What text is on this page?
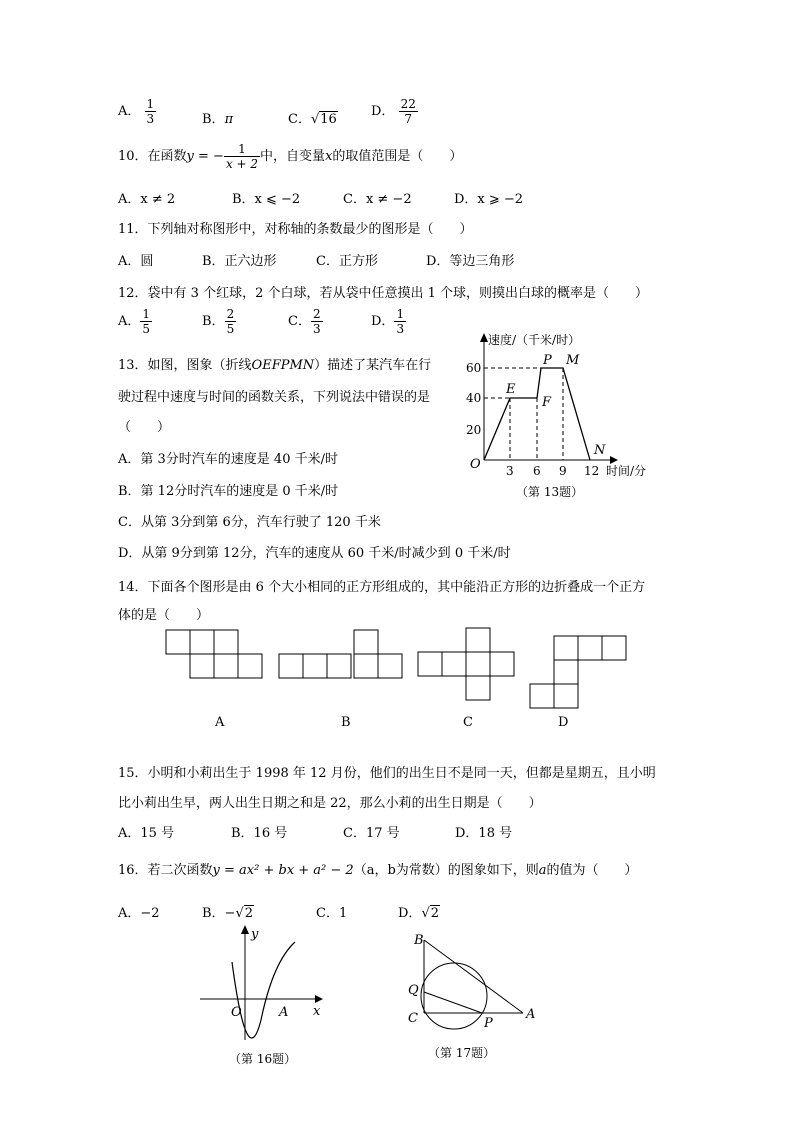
A． $\frac{1}{3}$	B．π	C．√16
D． $\frac{22}{7}$
10．在函数y = − $\frac{1}{x + 2}$ 中，自变量x的取值范围是（　　）
A．x ≠ 2	B．x ⩽ −2	C．x ≠ −2	D．x ⩾ −2
11．下列轴对称图形中，对称轴的条数最少的图形是（　　）
A．圆	B．正六边形	C．正方形	D．等边三角形
12．袋中有 3 个红球，2 个白球，若从袋中任意摸出 1 个球，则摸出白球的概率是（　　）
A． $\frac{1}{5}$	B． $\frac{2}{5}$	C． $\frac{2}{3}$	D． $\frac{1}{3}$
13．如图，图象（折线OEFPMN）描述了某汽车在行
驶过程中速度与时间的函数关系，下列说法中错误的是
（　　）
A．第 3分时汽车的速度是 40 千米/时
B．第 12分时汽车的速度是 0 千米/时
C．从第 3分到第 6分，汽车行驶了 120 千米
D．从第 9分到第 12分，汽车的速度从 60 千米/时减少到 0 千米/时
速度/（千米/时）
60
40
20
O 3 6 9 12 时间/分
E
F
P M
N
（第 13题）
14．下面各个图形是由 6 个大小相同的正方形组成的，其中能沿正方形的边折叠成一个正方
体的是（　　）
A	B	C	D
15．小明和小莉出生于 1998 年 12 月份，他们的出生日不是同一天，但都是星期五，且小明
比小莉出生早，两人出生日期之和是 22，那么小莉的出生日期是（　　）
A．15 号	B．16 号	C．17 号	D．18 号
16．若二次函数y = ax² + bx + a² − 2（a，b为常数）的图象如下，则a的值为（　　）
A．−2	B．−√2	C．1	D．√2
y
x
O	A
（第 16题）
B
Q
C	P
A
（第 17题）
